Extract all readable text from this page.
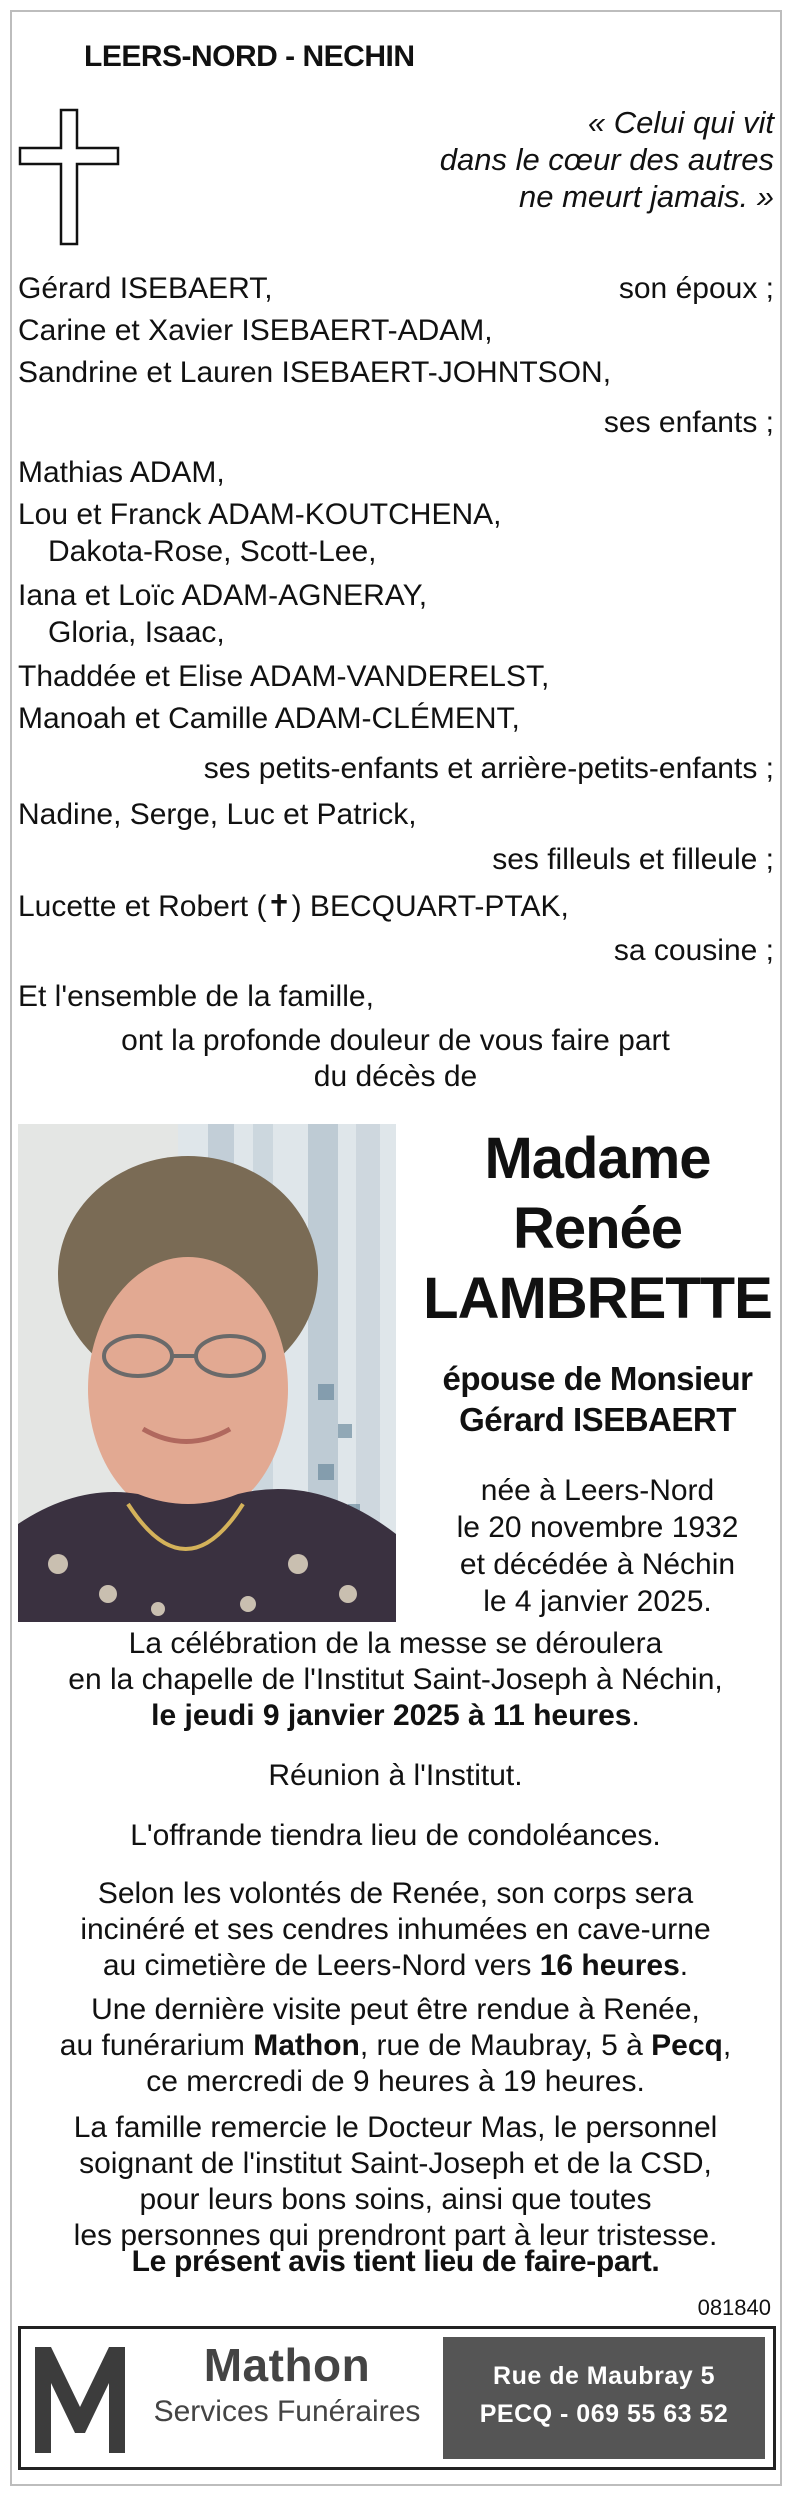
LEERS-NORD - NECHIN
« Celui qui vit
dans le cœur des autres
ne meurt jamais. »
Gérard ISEBAERT,	son époux ;
Carine et Xavier ISEBAERT-ADAM,
Sandrine et Lauren ISEBAERT-JOHNTSON,
ses enfants ;
Mathias ADAM,
Lou et Franck ADAM-KOUTCHENA,
Dakota-Rose, Scott-Lee,
Iana et Loïc ADAM-AGNERAY,
Gloria, Isaac,
Thaddée et Elise ADAM-VANDERELST,
Manoah et Camille ADAM-CLÉMENT,
ses petits-enfants et arrière-petits-enfants ;
Nadine, Serge, Luc et Patrick,
ses filleuls et filleule ;
Lucette et Robert (✝) BECQUART-PTAK,
sa cousine ;
Et l'ensemble de la famille,
ont la profonde douleur de vous faire part
du décès de
Madame
Renée
LAMBRETTE
épouse de Monsieur
Gérard ISEBAERT
née à Leers-Nord
le 20 novembre 1932
et décédée à Néchin
le 4 janvier 2025.
La célébration de la messe se déroulera
en la chapelle de l'Institut Saint-Joseph à Néchin,
le jeudi 9 janvier 2025 à 11 heures.
Réunion à l'Institut.
L'offrande tiendra lieu de condoléances.
Selon les volontés de Renée, son corps sera
incinéré et ses cendres inhumées en cave-urne
au cimetière de Leers-Nord vers 16 heures.
Une dernière visite peut être rendue à Renée,
au funérarium Mathon, rue de Maubray, 5 à Pecq,
ce mercredi de 9 heures à 19 heures.
La famille remercie le Docteur Mas, le personnel
soignant de l'institut Saint-Joseph et de la CSD,
pour leurs bons soins, ainsi que toutes
les personnes qui prendront part à leur tristesse.
Le présent avis tient lieu de faire-part.
081840
Mathon
Services Funéraires
Rue de Maubray 5
PECQ - 069 55 63 52
